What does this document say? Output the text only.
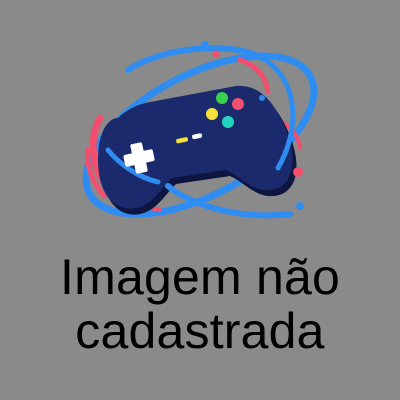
Imagem não
cadastrada
